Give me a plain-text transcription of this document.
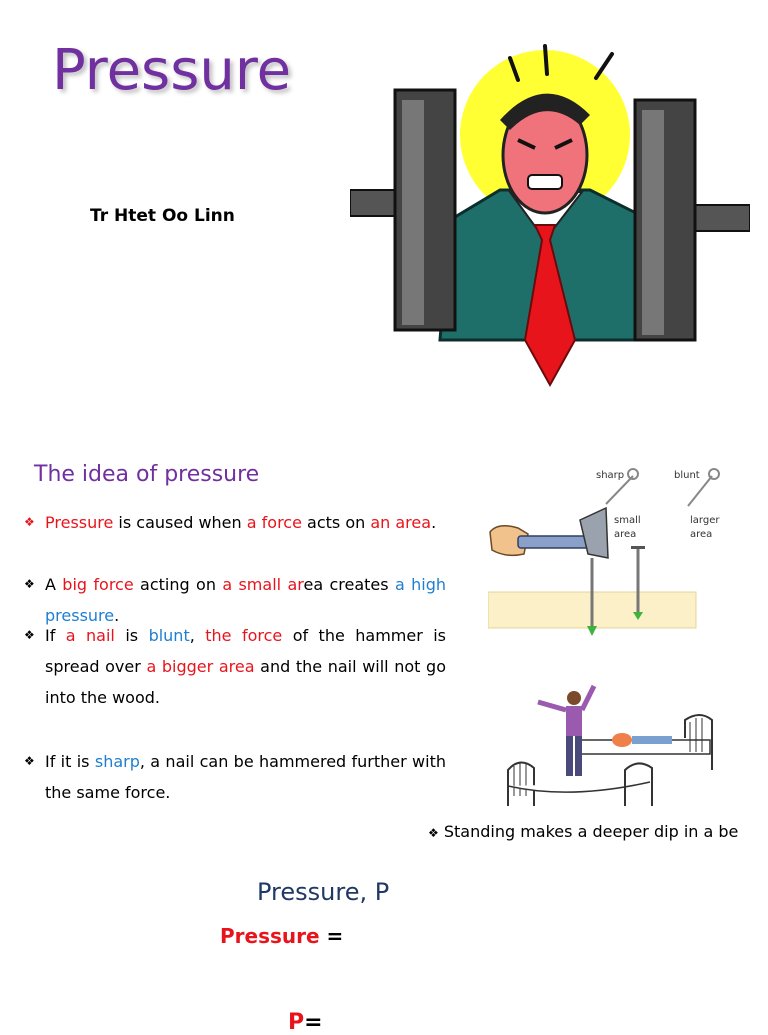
Pressure
Tr Htet Oo Linn
The idea of pressure
❖ Pressure is caused when a force acts on an area.
❖ A big force acting on a small area creates a high pressure.
❖ If a nail is blunt, the force of the hammer is spread over a bigger area and the nail will not go into the wood.
❖ If it is sharp, a nail can be hammered further with the same force.
sharp	blunt
small
area
larger
area
❖ Standing makes a deeper dip in a be
Pressure, P
Pressure =
P=
